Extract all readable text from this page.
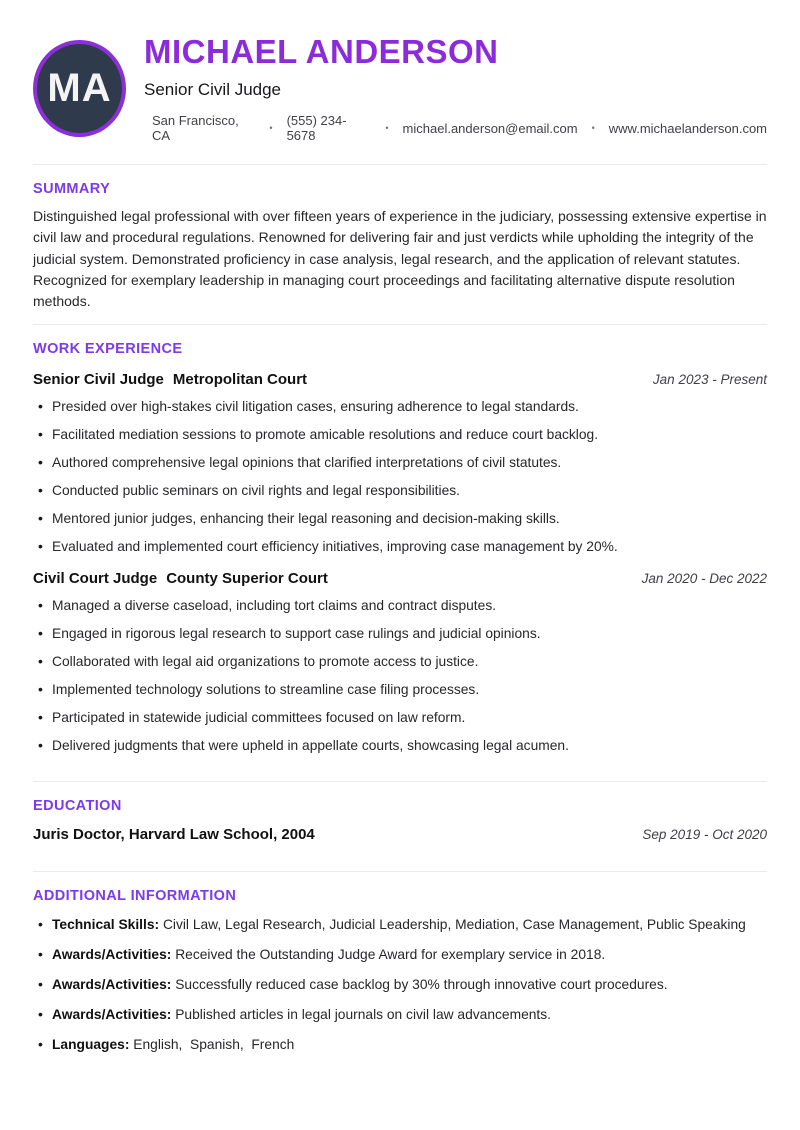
MA
MICHAEL ANDERSON
Senior Civil Judge
San Francisco, CA	• (555) 234-5678	• michael.anderson@email.com • www.michaelanderson.com
SUMMARY

Distinguished legal professional with over fifteen years of experience in the judiciary, possessing extensive expertise in civil law and procedural regulations. Renowned for delivering fair and just verdicts while upholding the integrity of the judicial system. Demonstrated proficiency in case analysis, legal research, and the application of relevant statutes. Recognized for exemplary leadership in managing court proceedings and facilitating alternative dispute resolution methods.

WORK EXPERIENCE
Senior Civil Judge Metropolitan Court	Jan 2023 - Present
• Presided over high-stakes civil litigation cases, ensuring adherence to legal standards.
• Facilitated mediation sessions to promote amicable resolutions and reduce court backlog.
• Authored comprehensive legal opinions that clarified interpretations of civil statutes.
• Conducted public seminars on civil rights and legal responsibilities.
• Mentored junior judges, enhancing their legal reasoning and decision-making skills.
• Evaluated and implemented court efficiency initiatives, improving case management by 20%.
Civil Court Judge County Superior Court	Jan 2020 - Dec 2022
• Managed a diverse caseload, including tort claims and contract disputes.
• Engaged in rigorous legal research to support case rulings and judicial opinions.
• Collaborated with legal aid organizations to promote access to justice.
• Implemented technology solutions to streamline case filing processes.
• Participated in statewide judicial committees focused on law reform.
• Delivered judgments that were upheld in appellate courts, showcasing legal acumen.
EDUCATION
Juris Doctor, Harvard Law School, 2004	Sep 2019 - Oct 2020
ADDITIONAL INFORMATION
• Technical Skills: Civil Law, Legal Research, Judicial Leadership, Mediation, Case Management, Public Speaking
• Awards/Activities: Received the Outstanding Judge Award for exemplary service in 2018.
• Awards/Activities: Successfully reduced case backlog by 30% through innovative court procedures.
• Awards/Activities: Published articles in legal journals on civil law advancements.
• Languages: English,  Spanish,  French
